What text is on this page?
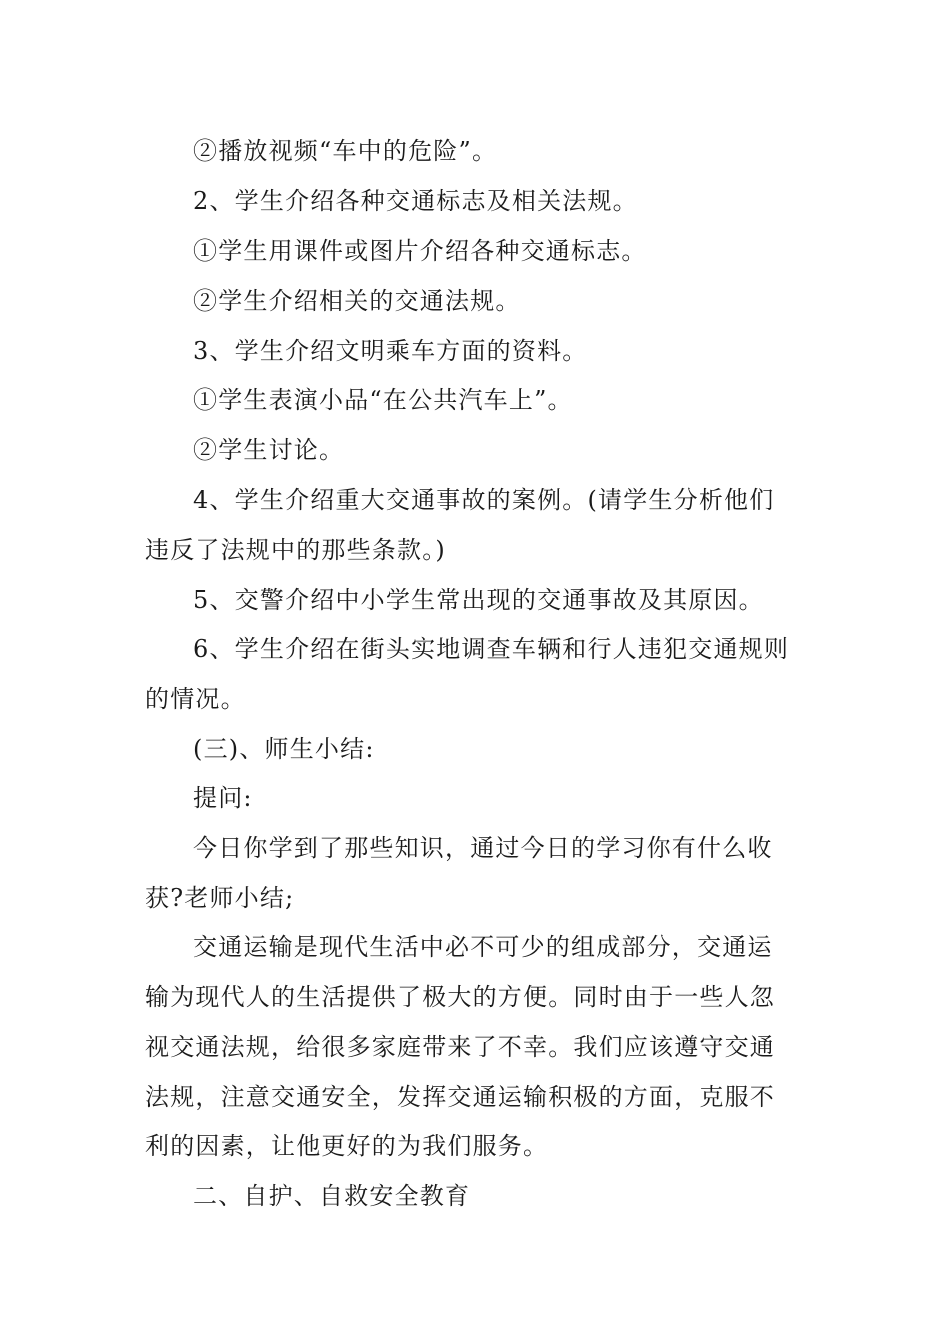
②播放视频“车中的危险”。
2、学生介绍各种交通标志及相关法规。
①学生用课件或图片介绍各种交通标志。
②学生介绍相关的交通法规。
3、学生介绍文明乘车方面的资料。
①学生表演小品“在公共汽车上”。
②学生讨论。
4、学生介绍重大交通事故的案例。(请学生分析他们
违反了法规中的那些条款。)
5、交警介绍中小学生常出现的交通事故及其原因。
6、学生介绍在街头实地调查车辆和行人违犯交通规则
的情况。
(三)、师生小结:
提问:
今日你学到了那些知识，通过今日的学习你有什么收
获?老师小结;
交通运输是现代生活中必不可少的组成部分，交通运
输为现代人的生活提供了极大的方便。同时由于一些人忽
视交通法规，给很多家庭带来了不幸。我们应该遵守交通
法规，注意交通安全，发挥交通运输积极的方面，克服不
利的因素，让他更好的为我们服务。
二、自护、自救安全教育
